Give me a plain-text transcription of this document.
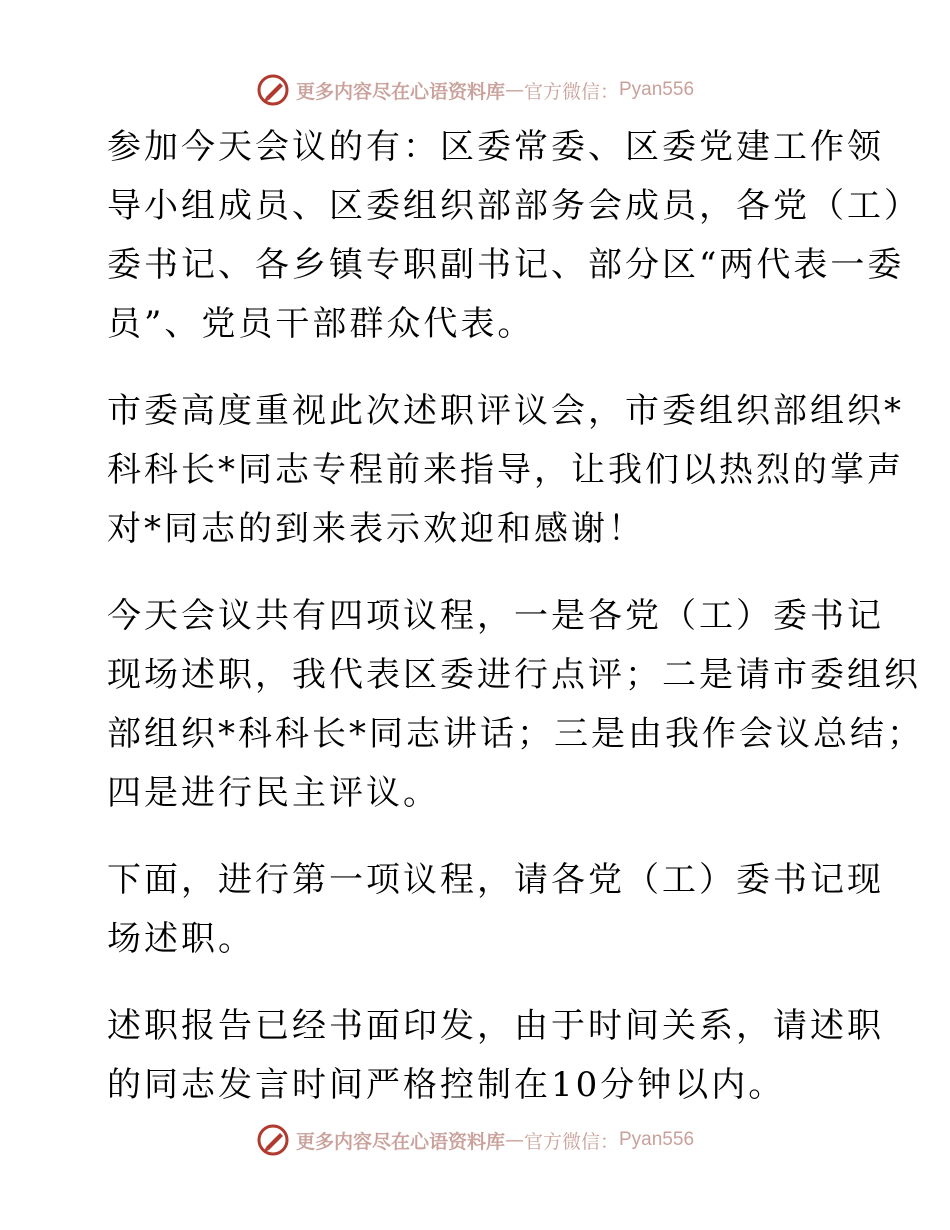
更多内容尽在心语资料库 — 官方微信： Pyan556

参加今天会议的有：区委常委、区委党建工作领
导小组成员、区委组织部部务会成员，各党（工）
委书记、各乡镇专职副书记、部分区“两代表一委
员”、党员干部群众代表。

市委高度重视此次述职评议会，市委组织部组织*
科科长*同志专程前来指导，让我们以热烈的掌声
对*同志的到来表示欢迎和感谢！

今天会议共有四项议程，一是各党（工）委书记
现场述职，我代表区委进行点评；二是请市委组织
部组织*科科长*同志讲话；三是由我作会议总结；
四是进行民主评议。

下面，进行第一项议程，请各党（工）委书记现
场述职。

述职报告已经书面印发，由于时间关系，请述职
的同志发言时间严格控制在10分钟以内。

更多内容尽在心语资料库 — 官方微信： Pyan556
